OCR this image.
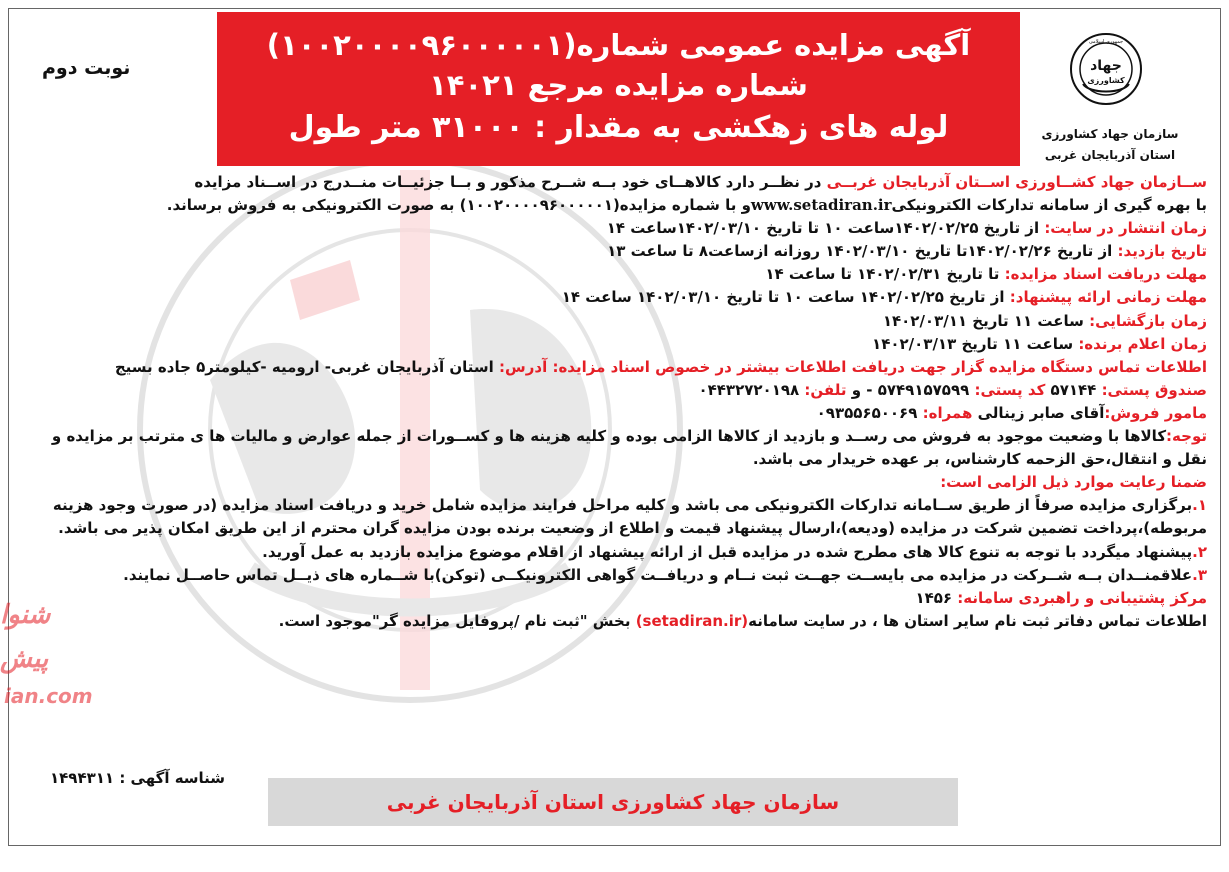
شنوا
پیش
ian.com
آگهی مزایده عمومی شماره(۱۰۰۲۰۰۰۰۹۶۰۰۰۰۰۱)
شماره مزایده مرجع ۱۴۰۲۱
لوله های زهکشی به مقدار : ۳۱۰۰۰ متر طول
نوبت دوم
جمهوری اسلامی
جهاد
کشاورزی
سازمان جهاد کشاورزی
استان آذربایجان غربی
ســازمان جهاد کشــاورزی اســتان آذربایجان غربــی در نظــر دارد کالاهــای خود بــه شــرح مذکور و بــا جزئیــات منــدرج در اســناد مزایده
با بهره گیری از سامانه تدارکات الکترونیکیwww.setadiran.irو با شماره مزایده(۱۰۰۲۰۰۰۰۹۶۰۰۰۰۰۱) به صورت الکترونیکی به فروش برساند.
زمان انتشار در سایت: از تاریخ ۱۴۰۲/۰۲/۲۵ساعت ۱۰ تا تاریخ ۱۴۰۲/۰۳/۱۰ساعت ۱۴
تاریخ بازدید: از تاریخ ۱۴۰۲/۰۲/۲۶تا تاریخ ۱۴۰۲/۰۳/۱۰ روزانه ازساعت۸ تا ساعت ۱۳
مهلت دریافت اسناد مزایده: تا تاریخ ۱۴۰۲/۰۲/۳۱ تا ساعت ۱۴
مهلت زمانی ارائه پیشنهاد: از تاریخ ۱۴۰۲/۰۲/۲۵ ساعت ۱۰ تا تاریخ ۱۴۰۲/۰۳/۱۰ ساعت ۱۴
زمان بازگشایی: ساعت ۱۱ تاریخ ۱۴۰۲/۰۳/۱۱
زمان اعلام برنده: ساعت ۱۱ تاریخ ۱۴۰۲/۰۳/۱۳
اطلاعات تماس دستگاه مزایده گزار جهت دریافت اطلاعات بیشتر در خصوص اسناد مزایده: آدرس: استان آذربایجان غربی- ارومیه -کیلومتر۵ جاده بسیج
صندوق پستی: ۵۷۱۴۴ کد پستی: ۵۷۴۹۱۵۷۵۹۹ - و تلفن: ۰۴۴۳۲۷۲۰۱۹۸
مامور فروش:آقای صابر زینالی همراه: ۰۹۳۵۵۶۵۰۰۶۹
توجه:کالاها با وضعیت موجود به فروش می رســد و بازدید از کالاها الزامی بوده و کلیه هزینه ها و کســورات از جمله عوارض و مالیات ها ی مترتب بر مزایده و
نقل و انتقال،حق الزحمه کارشناس، بر عهده خریدار می باشد.
ضمنا رعایت موارد ذیل الزامی است:
۱.برگزاری مزایده صرفاً از طریق ســامانه تدارکات الکترونیکی می باشد و کلیه مراحل فرایند مزایده شامل خرید و دریافت اسناد مزایده (در صورت وجود هزینه
مربوطه)،پرداخت تضمین شرکت در مزایده (ودیعه)،ارسال پیشنهاد قیمت و اطلاع از وضعیت برنده بودن مزایده گران محترم از این طریق امکان پذیر می باشد.
۲.پیشنهاد میگردد با توجه به تنوع کالا های مطرح شده در مزایده قبل از ارائه پیشنهاد از اقلام موضوع مزایده بازدید به عمل آورید.
۳.علاقمنــدان بــه شــرکت در مزایده می بایســت جهــت ثبت نــام و دریافــت گواهی الکترونیکــی (توکن)با شــماره های ذیــل تماس حاصــل نمایند.
مرکز پشتیبانی و راهبردی سامانه: ۱۴۵۶
اطلاعات تماس دفاتر ثبت نام سایر استان ها ، در سایت سامانه(setadiran.ir) بخش "ثبت نام /پروفایل مزایده گر"موجود است.
شناسه آگهی : ۱۴۹۴۳۱۱
سازمان جهاد کشاورزی استان آذربایجان غربی
